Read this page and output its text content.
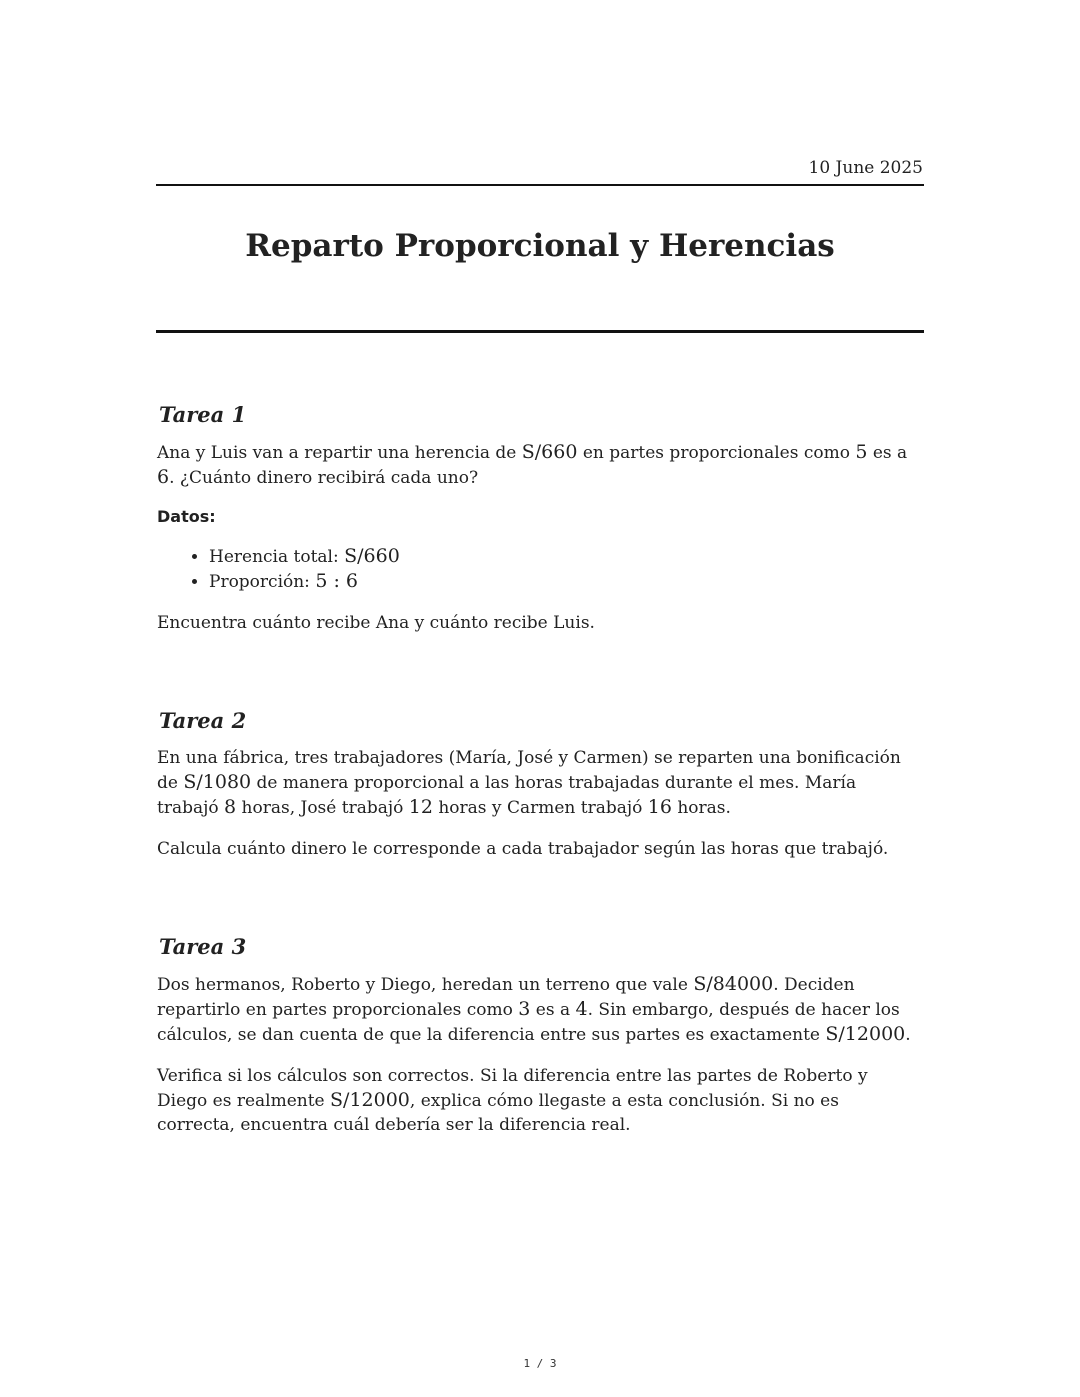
10 June 2025
Reparto Proporcional y Herencias
Tarea 1

Ana y Luis van a repartir una herencia de S/660 en partes proporcionales como 5 es a 6. ¿Cuánto dinero recibirá cada uno?

Datos:
• Herencia total: S/660
• Proporción: 5 : 6

Encuentra cuánto recibe Ana y cuánto recibe Luis.

Tarea 2

En una fábrica, tres trabajadores (María, José y Carmen) se reparten una bonificación de S/1080 de manera proporcional a las horas trabajadas durante el mes. María trabajó 8 horas, José trabajó 12 horas y Carmen trabajó 16 horas.

Calcula cuánto dinero le corresponde a cada trabajador según las horas que trabajó.

Tarea 3

Dos hermanos, Roberto y Diego, heredan un terreno que vale S/84000. Deciden repartirlo en partes proporcionales como 3 es a 4. Sin embargo, después de hacer los cálculos, se dan cuenta de que la diferencia entre sus partes es exactamente S/12000.

Verifica si los cálculos son correctos. Si la diferencia entre las partes de Roberto y Diego es realmente S/12000, explica cómo llegaste a esta conclusión. Si no es correcta, encuentra cuál debería ser la diferencia real.

1 / 3
